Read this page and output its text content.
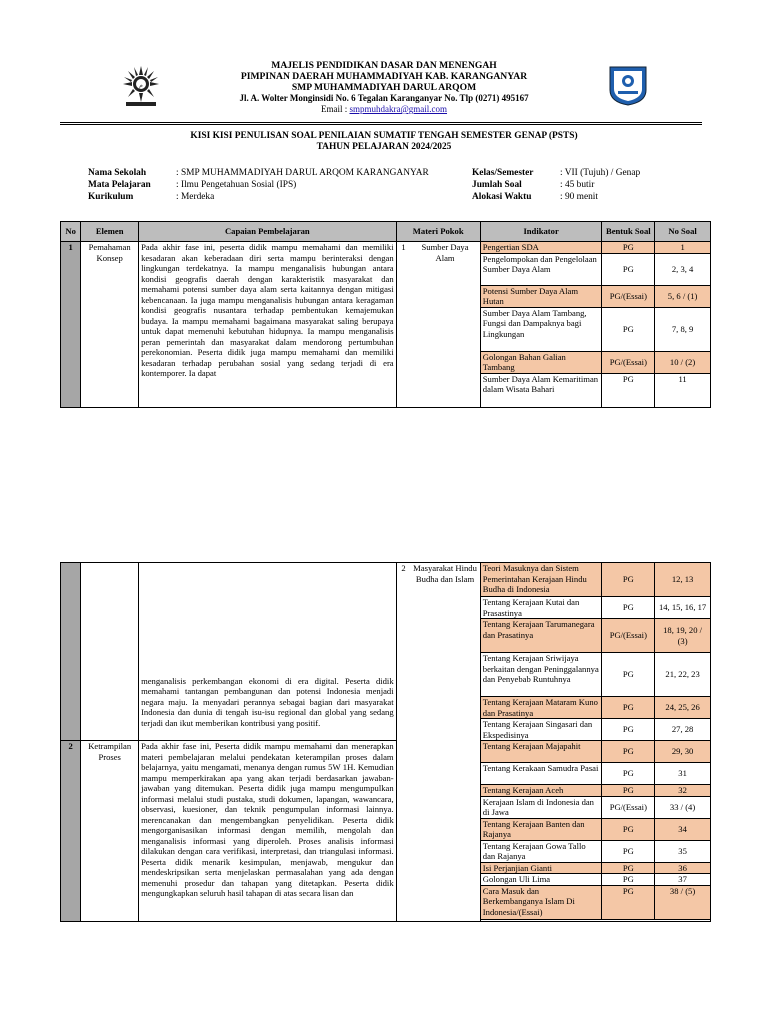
م
MAJELIS PENDIDIKAN DASAR DAN MENENGAH
PIMPINAN DAERAH MUHAMMADIYAH KAB. KARANGANYAR
SMP MUHAMMADIYAH DARUL ARQOM
Jl. A. Wolter Monginsidi No. 6 Tegalan Karanganyar No. Tlp (0271) 495167
Email : smpmuhdakra@gmail.com
KISI KISI PENULISAN SOAL PENILAIAN SUMATIF TENGAH SEMESTER GENAP (PSTS)
TAHUN PELAJARAN 2024/2025
Nama Sekolah	: SMP MUHAMMADIYAH DARUL ARQOM KARANGANYAR	Kelas/Semester	: VII (Tujuh) / Genap
Mata Pelajaran	: Ilmu Pengetahuan Sosial (IPS)	Jumlah Soal	: 45 butir
Kurikulum	: Merdeka	Alokasi Waktu	: 90 menit
No	Elemen	Capaian Pembelajaran	Materi Pokok		Indikator	Bentuk Soal	No Soal
1	Pemahaman Konsep	Pada akhir fase ini, peserta didik mampu memahami dan memiliki kesadaran akan keberadaan diri serta mampu berinteraksi dengan lingkungan terdekatnya. Ia mampu menganalisis hubungan antara kondisi geografis daerah dengan karakteristik masyarakat dan memahami potensi sumber daya alam serta kaitannya dengan mitigasi kebencanaan. Ia juga mampu menganalisis hubungan antara keragaman kondisi geografis nusantara terhadap pembentukan kemajemukan budaya. Ia mampu memahami bagaimana masyarakat saling berupaya untuk dapat memenuhi kebutuhan hidupnya. Ia mampu menganalisis peran pemerintah dan masyarakat dalam mendorong pertumbuhan perekonomian. Peserta didik juga mampu memahami dan memiliki kesadaran terhadap perubahan sosial yang sedang terjadi di era kontemporer. Ia dapat	1	Sumber Daya Alam	Pengertian SDA	PG	1
					Pengelompokan dan Pengelolaan Sumber Daya Alam	PG	2, 3, 4
					Potensi Sumber Daya Alam Hutan	PG/(Essai)	5, 6 / (1)
					Sumber Daya Alam Tambang, Fungsi dan Dampaknya bagi Lingkungan	PG	7, 8, 9
					Golongan Bahan Galian Tambang	PG/(Essai)	10 / (2)
					Sumber Daya Alam Kemaritiman dalam Wisata Bahari	PG	11
		menganalisis perkembangan ekonomi di era digital. Peserta didik memahami tantangan pembangunan dan potensi Indonesia menjadi negara maju. Ia menyadari perannya sebagai bagian dari masyarakat Indonesia dan dunia di tengah isu-isu regional dan global yang sedang terjadi dan ikut memberikan kontribusi yang positif.	2	Masyarakat Hindu Budha dan Islam	Teori Masuknya dan Sistem Pemerintahan Kerajaan Hindu Budha di Indonesia	PG	12, 13
					Tentang Kerajaan Kutai dan Prasastinya	PG	14, 15, 16, 17
					Tentang Kerajaan Tarumanegara dan Prasatinya	PG/(Essai)	18, 19, 20 / (3)
					Tentang Kerajaan Sriwijaya berkaitan dengan Peninggalannya dan Penyebab Runtuhnya	PG	21, 22, 23
					Tentang Kerajaan Mataram Kuno dan Prasatinya	PG	24, 25, 26
					Tentang Kerajaan Singasari dan Ekspedisinya	PG	27, 28
2	Ketrampilan Proses	Pada akhir fase ini, Peserta didik mampu memahami dan menerapkan materi pembelajaran melalui pendekatan keterampilan proses dalam belajarnya, yaitu mengamati, menanya dengan rumus 5W 1H. Kemudian mampu memperkirakan apa yang akan terjadi berdasarkan jawaban-jawaban yang ditemukan. Peserta didik juga mampu mengumpulkan informasi melalui studi pustaka, studi dokumen, lapangan, wawancara, observasi, kuesioner, dan teknik pengumpulan informasi lainnya. merencanakan dan mengembangkan penyelidikan. Peserta didik mengorganisasikan informasi dengan memilih, mengolah dan menganalisis informasi yang diperoleh. Proses analisis informasi dilakukan dengan cara verifikasi, interpretasi, dan triangulasi informasi. Peserta didik menarik kesimpulan, menjawab, mengukur dan mendeskripsikan serta menjelaskan permasalahan yang ada dengan memenuhi prosedur dan tahapan yang ditetapkan. Peserta didik mengungkapkan seluruh hasil tahapan di atas secara lisan dan			Tentang Kerajaan Majapahit	PG	29, 30
					Tentang Kerakaan Samudra Pasai	PG	31
					Tentang Kerajaan Aceh	PG	32
					Kerajaan Islam di Indonesia dan di Jawa	PG/(Essai)	33 / (4)
					Tentang Kerajaan Banten dan Rajanya	PG	34
					Tentang Kerajaan Gowa Tallo dan Rajanya	PG	35
					Isi Perjanjian Gianti	PG	36
					Golongan Uli Lima	PG	37
					Cara Masuk dan Berkembanganya Islam Di Indonesia/(Essai)	PG	38 / (5)
